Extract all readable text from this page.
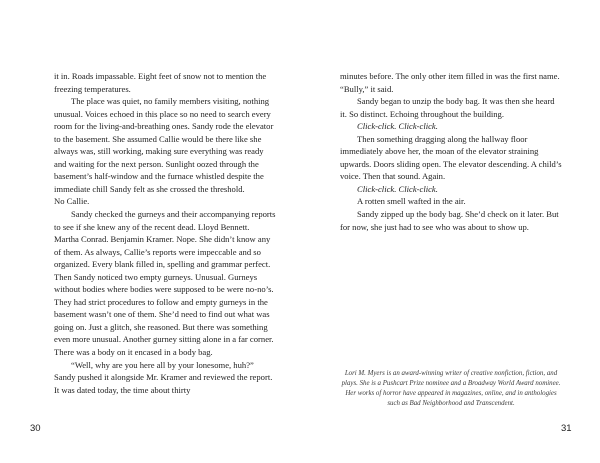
it in. Roads impassable. Eight feet of snow not to mention the freezing temperatures.

The place was quiet, no family members visiting, nothing unusual. Voices echoed in this place so no need to search every room for the living-and-breathing ones. Sandy rode the elevator to the basement. She assumed Callie would be there like she always was, still working, making sure everything was ready and waiting for the next person. Sunlight oozed through the basement’s half-window and the furnace whistled despite the immediate chill Sandy felt as she crossed the threshold.

No Callie.

Sandy checked the gurneys and their accompanying reports to see if she knew any of the recent dead. Lloyd Bennett. Martha Conrad. Benjamin Kramer. Nope. She didn’t know any of them. As always, Callie’s reports were impeccable and so organized. Every blank filled in, spelling and grammar perfect. Then Sandy noticed two empty gurneys. Unusual. Gurneys without bodies where bodies were supposed to be were no-no’s. They had strict procedures to follow and empty gurneys in the basement wasn’t one of them. She’d need to find out what was going on. Just a glitch, she reasoned. But there was something even more unusual. Another gurney sitting alone in a far corner. There was a body on it encased in a body bag.

“Well, why are you here all by your lonesome, huh?” Sandy pushed it alongside Mr. Kramer and reviewed the report. It was dated today, the time about thirty

30

minutes before. The only other item filled in was the first name. “Bully,” it said.

Sandy began to unzip the body bag. It was then she heard it. So distinct. Echoing throughout the building.

Click-click. Click-click.

Then something dragging along the hallway floor immediately above her, the moan of the elevator straining upwards. Doors sliding open. The elevator descending. A child’s voice. Then that sound. Again.

Click-click. Click-click.

A rotten smell wafted in the air.

Sandy zipped up the body bag. She’d check on it later. But for now, she just had to see who was about to show up.

Lori M. Myers is an award-winning writer of creative nonfiction, fiction, and plays. She is a Pushcart Prize nominee and a Broadway World Award nominee. Her works of horror have appeared in magazines, online, and in anthologies such as Bad Neighborhood and Transcendent.
31
